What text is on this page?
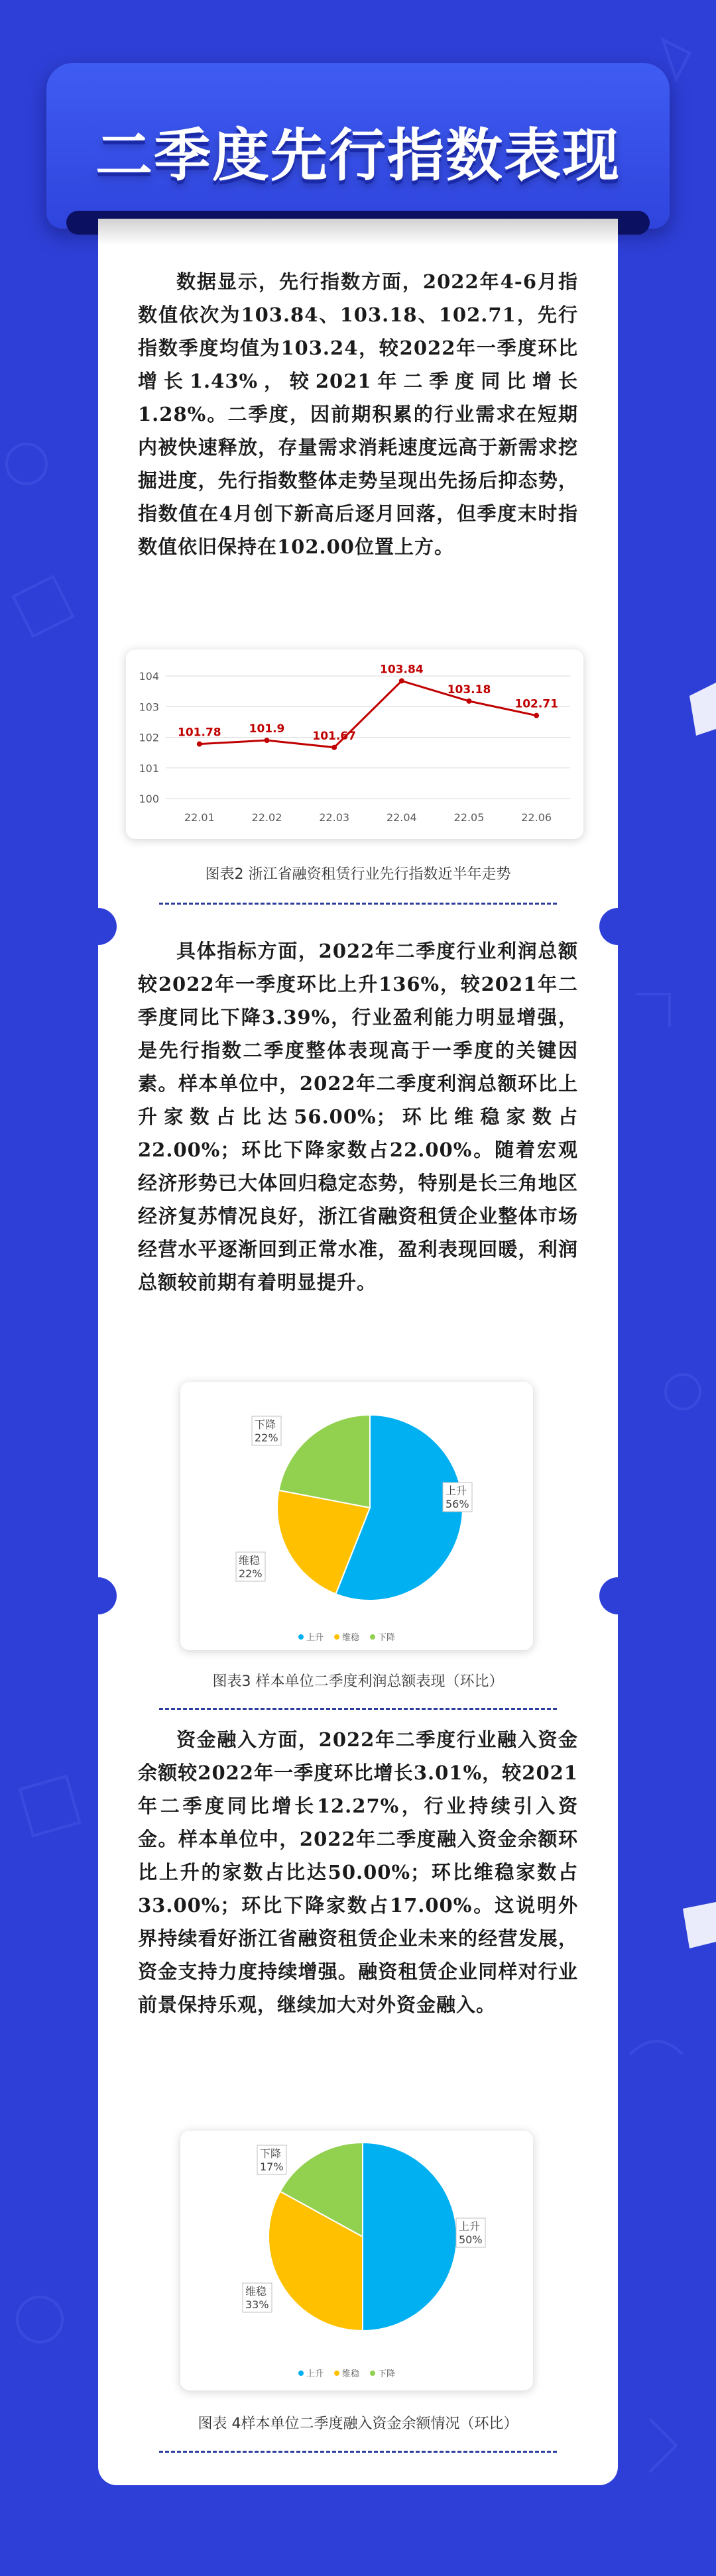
二季度先行指数表现

数据显示，先行指数方面，2022年4-6月指数值依次为103.84、103.18、102.71，先行指数季度均值为103.24，较2022年一季度环比增长1.43%，较2021年二季度同比增长1.28%。二季度，因前期积累的行业需求在短期内被快速释放，存量需求消耗速度远高于新需求挖掘进度，先行指数整体走势呈现出先扬后抑态势，指数值在4月创下新高后逐月回落，但季度末时指数值依旧保持在102.00位置上方。

104
103
102
101
100
101.78
22.01
101.9
22.02
101.67
22.03
103.84
22.04
103.18
22.05
102.71
22.06
图表2 浙江省融资租赁行业先行指数近半年走势

具体指标方面，2022年二季度行业利润总额较2022年一季度环比上升136%，较2021年二季度同比下降3.39%，行业盈利能力明显增强，是先行指数二季度整体表现高于一季度的关键因素。样本单位中，2022年二季度利润总额环比上升家数占比达56.00%；环比维稳家数占22.00%；环比下降家数占22.00%。随着宏观经济形势已大体回归稳定态势，特别是长三角地区经济复苏情况良好，浙江省融资租赁企业整体市场经营水平逐渐回到正常水准，盈利表现回暖，利润总额较前期有着明显提升。

上升
56%
维稳
22%
下降
22%
上升 维稳 下降
图表3 样本单位二季度利润总额表现（环比）

资金融入方面，2022年二季度行业融入资金余额较2022年一季度环比增长3.01%，较2021年二季度同比增长12.27%，行业持续引入资金。样本单位中，2022年二季度融入资金余额环比上升的家数占比达50.00%；环比维稳家数占33.00%；环比下降家数占17.00%。这说明外界持续看好浙江省融资租赁企业未来的经营发展，资金支持力度持续增强。融资租赁企业同样对行业前景保持乐观，继续加大对外资金融入。

上升
50%
维稳
33%
下降
17%
上升 维稳 下降
图表 4样本单位二季度融入资金余额情况（环比）
